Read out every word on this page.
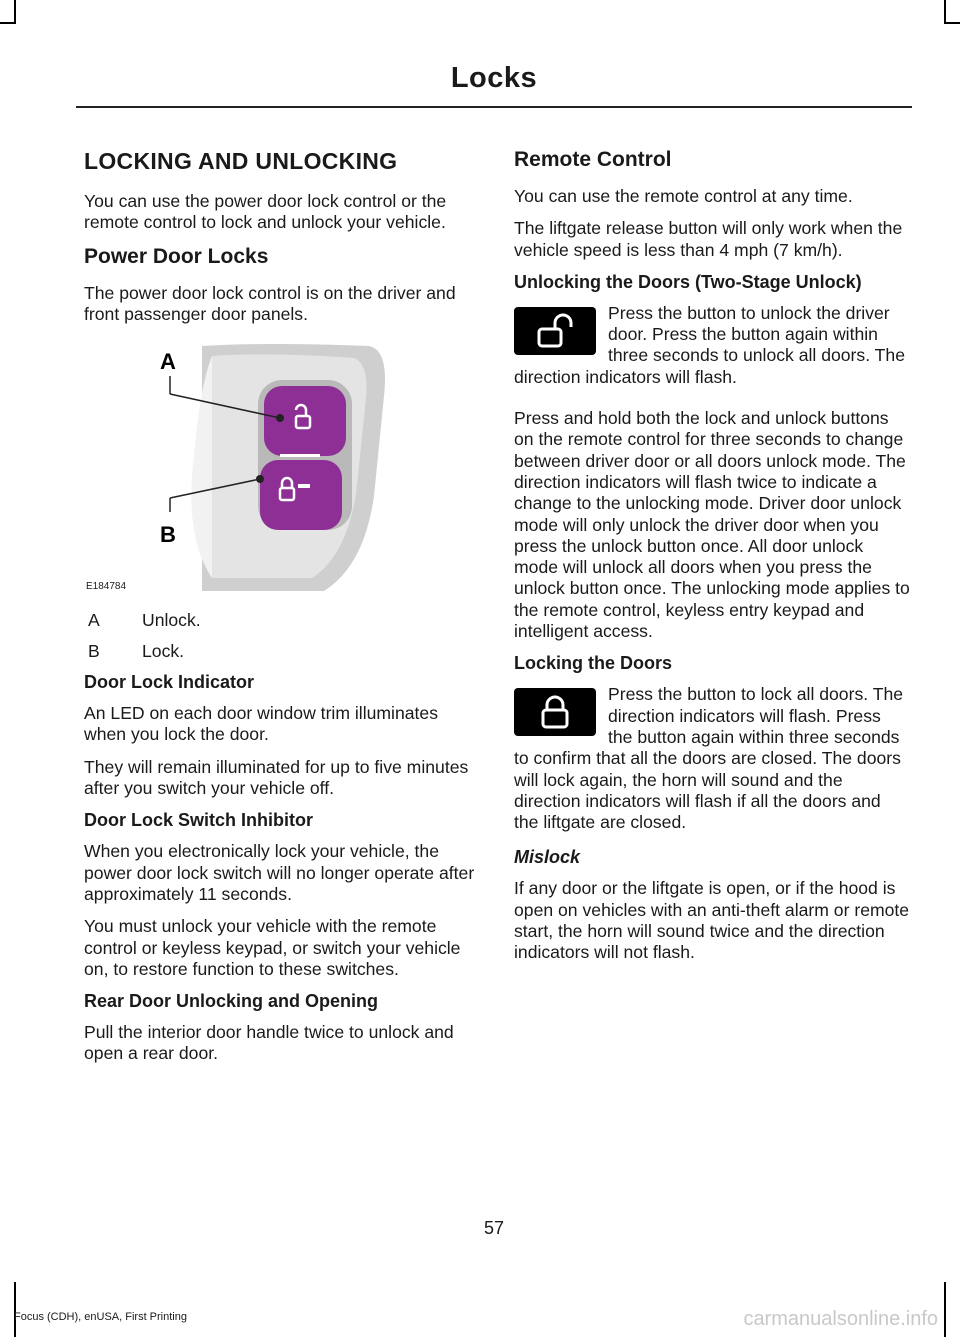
Locks
LOCKING AND UNLOCKING

You can use the power door lock control or the remote control to lock and unlock your vehicle.

Power Door Locks

The power door lock control is on the driver and front passenger door panels.

A
B
E184784
A	Unlock.
B	Lock.
Door Lock Indicator

An LED on each door window trim illuminates when you lock the door.

They will remain illuminated for up to five minutes after you switch your vehicle off.

Door Lock Switch Inhibitor

When you electronically lock your vehicle, the power door lock switch will no longer operate after approximately 11 seconds.

You must unlock your vehicle with the remote control or keyless keypad, or switch your vehicle on, to restore function to these switches.

Rear Door Unlocking and Opening

Pull the interior door handle twice to unlock and open a rear door.

Remote Control

You can use the remote control at any time.

The liftgate release button will only work when the vehicle speed is less than 4 mph (7 km/h).

Unlocking the Doors (Two-Stage Unlock)

Press the button to unlock the driver door. Press the button again within three seconds to unlock all doors. The direction indicators will flash.

Press and hold both the lock and unlock buttons on the remote control for three seconds to change between driver door or all doors unlock mode. The direction indicators will flash twice to indicate a change to the unlocking mode. Driver door unlock mode will only unlock the driver door when you press the unlock button once. All door unlock mode will unlock all doors when you press the unlock button once. The unlocking mode applies to the remote control, keyless entry keypad and intelligent access.

Locking the Doors

Press the button to lock all doors. The direction indicators will flash. Press the button again within three seconds to confirm that all the doors are closed. The doors will lock again, the horn will sound and the direction indicators will flash if all the doors and the liftgate are closed.

Mislock

If any door or the liftgate is open, or if the hood is open on vehicles with an anti-theft alarm or remote start, the horn will sound twice and the direction indicators will not flash.

57
Focus (CDH), enUSA, First Printing	carmanualsonline.info
